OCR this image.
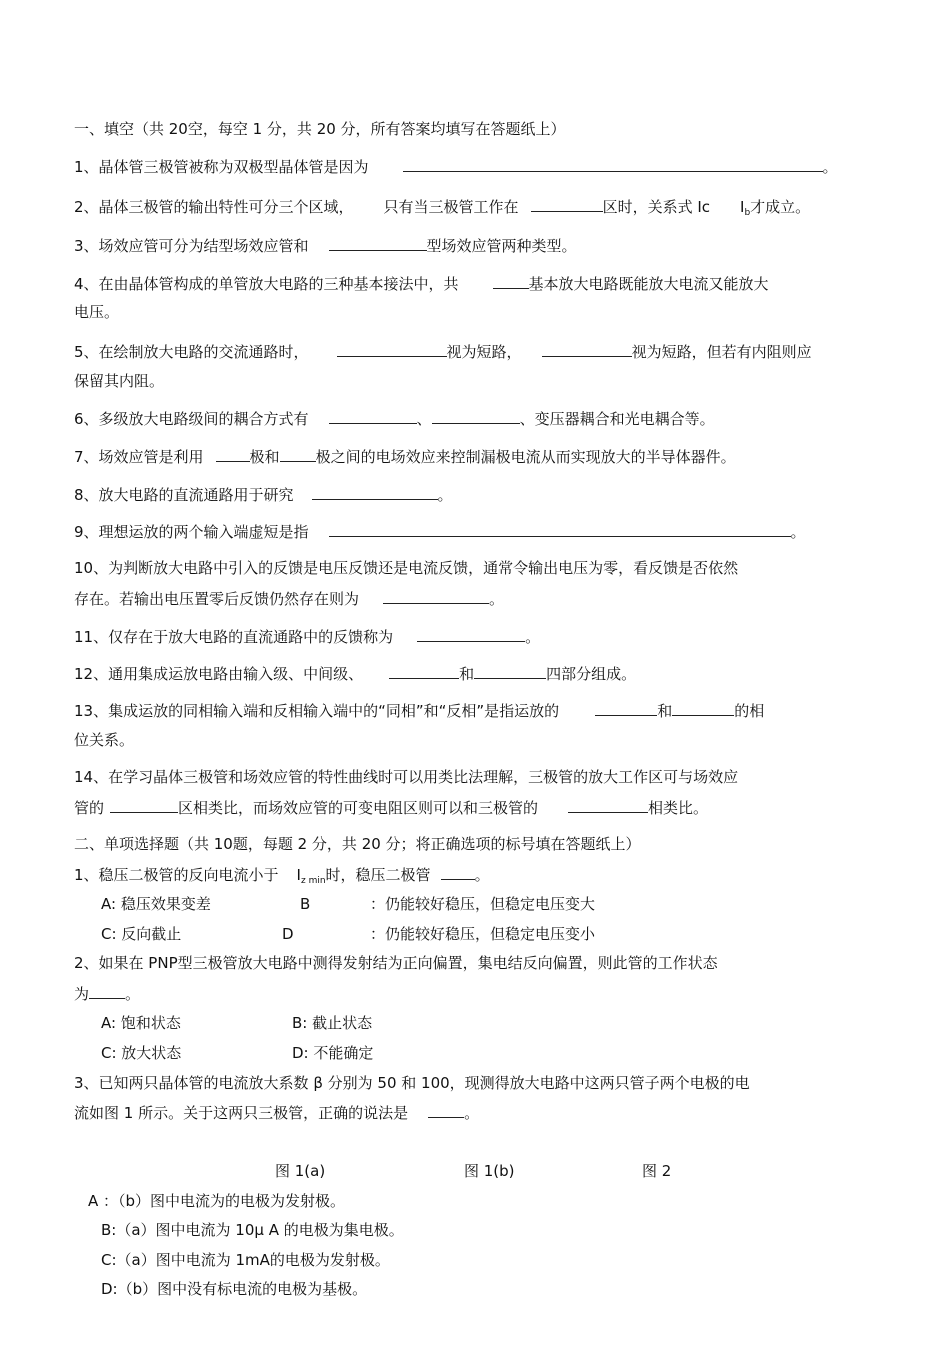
一、填空（共 20空，每空 1 分，共 20 分，所有答案均填写在答题纸上）
1、晶体管三极管被称为双极型晶体管是因为	。
2、晶体三极管的输出特性可分三个区域， 只有当三极管工作在	区时，关系式 Ic $I_b$才成立。
3、场效应管可分为结型场效应管和	型场效应管两种类型。
4、在由晶体管构成的单管放大电路的三种基本接法中，共	基本放大电路既能放大电流又能放大
电压。
5、在绘制放大电路的交流通路时，	视为短路，	视为短路，但若有内阻则应
保留其内阻。
6、多级放大电路级间的耦合方式有	、	、变压器耦合和光电耦合等。
7、场效应管是利用	极和 极之间的电场效应来控制漏极电流从而实现放大的半导体器件。
8、放大电路的直流通路用于研究	。
9、理想运放的两个输入端虚短是指	。
10、为判断放大电路中引入的反馈是电压反馈还是电流反馈，通常令输出电压为零，看反馈是否依然
存在。若输出电压置零后反馈仍然存在则为	。
11、仅存在于放大电路的直流通路中的反馈称为	。
12、通用集成运放电路由输入级、中间级、	和	四部分组成。
13、集成运放的同相输入端和反相输入端中的“同相”和“反相”是指运放的	和	的相
位关系。
14、在学习晶体三极管和场效应管的特性曲线时可以用类比法理解，三极管的放大工作区可与场效应
管的	区相类比，而场效应管的可变电阻区则可以和三极管的	相类比。
二、单项选择题（共 10题，每题 2 分，共 20 分；将正确选项的标号填在答题纸上）
1、稳压二极管的反向电流小于 $I_{z min}$时，稳压二极管	。
A: 稳压效果变差	B	：仍能较好稳压，但稳定电压变大
C: 反向截止	D	：仍能较好稳压，但稳定电压变小
2、如果在 PNP型三极管放大电路中测得发射结为正向偏置，集电结反向偏置，则此管的工作状态
为 。
A: 饱和状态	B: 截止状态
C: 放大状态	D: 不能确定
3、已知两只晶体管的电流放大系数 β 分别为 50 和 100，现测得放大电路中这两只管子两个电极的电
流如图 1 所示。关于这两只三极管，正确的说法是	。
图 1(a)	图 1(b)	图 2
A ：（b）图中电流为的电极为发射极。
B:（a）图中电流为 10μ A 的电极为集电极。
C:（a）图中电流为 1mA的电极为发射极。
D:（b）图中没有标电流的电极为基极。
